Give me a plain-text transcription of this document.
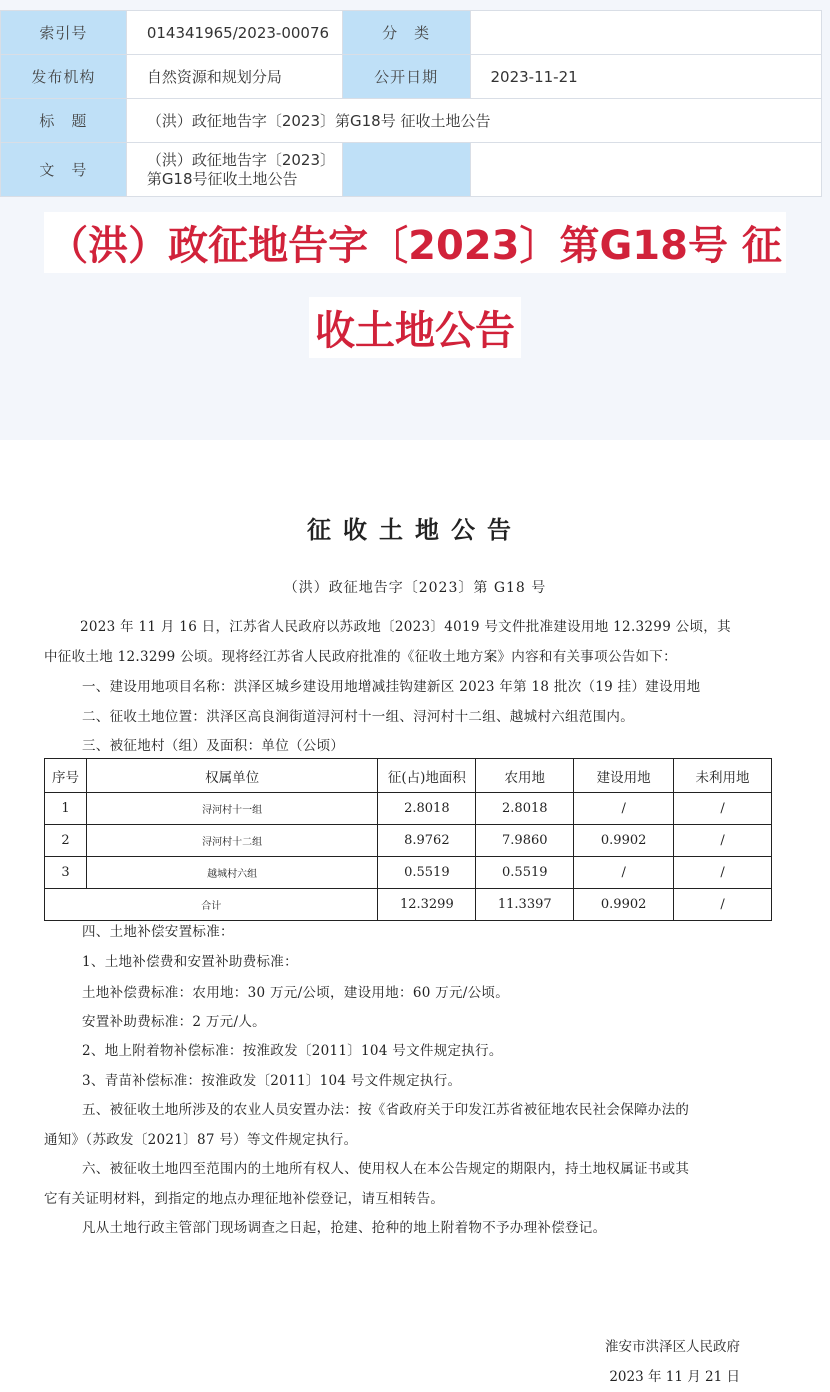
索引号	014341965/2023-00076	分　类	
发布机构	自然资源和规划分局	公开日期	2023-11-21
标　题	（洪）政征地告字〔2023〕第G18号 征收土地公告		
文　号	（洪）政征地告字〔2023〕
第G18号征收土地公告		

（洪）政征地告字〔2023〕第G18号 征
收土地公告
征收土地公告
（洪）政征地告字〔2023〕第 G18 号
2023 年 11 月 16 日，江苏省人民政府以苏政地〔2023〕4019 号文件批准建设用地 12.3299 公顷，其
中征收土地 12.3299 公顷。现将经江苏省人民政府批准的《征收土地方案》内容和有关事项公告如下：
一、建设用地项目名称：洪泽区城乡建设用地增减挂钩建新区 2023 年第 18 批次（19 挂）建设用地
二、征收土地位置：洪泽区高良涧街道浔河村十一组、浔河村十二组、越城村六组范围内。
三、被征地村（组）及面积：单位（公顷）
序号	权属单位	征(占)地面积	农用地	建设用地	未利用地
1	浔河村十一组	2.8018	2.8018	/	/
2	浔河村十二组	8.9762	7.9860	0.9902	/
3	越城村六组	0.5519	0.5519	/	/
合计		12.3299	11.3397	0.9902	/
四、土地补偿安置标准：
1、土地补偿费和安置补助费标准：
土地补偿费标准：农用地：30 万元/公顷，建设用地：60 万元/公顷。
安置补助费标准：2 万元/人。
2、地上附着物补偿标准：按淮政发〔2011〕104 号文件规定执行。
3、青苗补偿标准：按淮政发〔2011〕104 号文件规定执行。
五、被征收土地所涉及的农业人员安置办法：按《省政府关于印发江苏省被征地农民社会保障办法的
通知》（苏政发〔2021〕87 号）等文件规定执行。
六、被征收土地四至范围内的土地所有权人、使用权人在本公告规定的期限内，持土地权属证书或其
它有关证明材料，到指定的地点办理征地补偿登记，请互相转告。
凡从土地行政主管部门现场调查之日起，抢建、抢种的地上附着物不予办理补偿登记。
淮安市洪泽区人民政府
2023 年 11 月 21 日
